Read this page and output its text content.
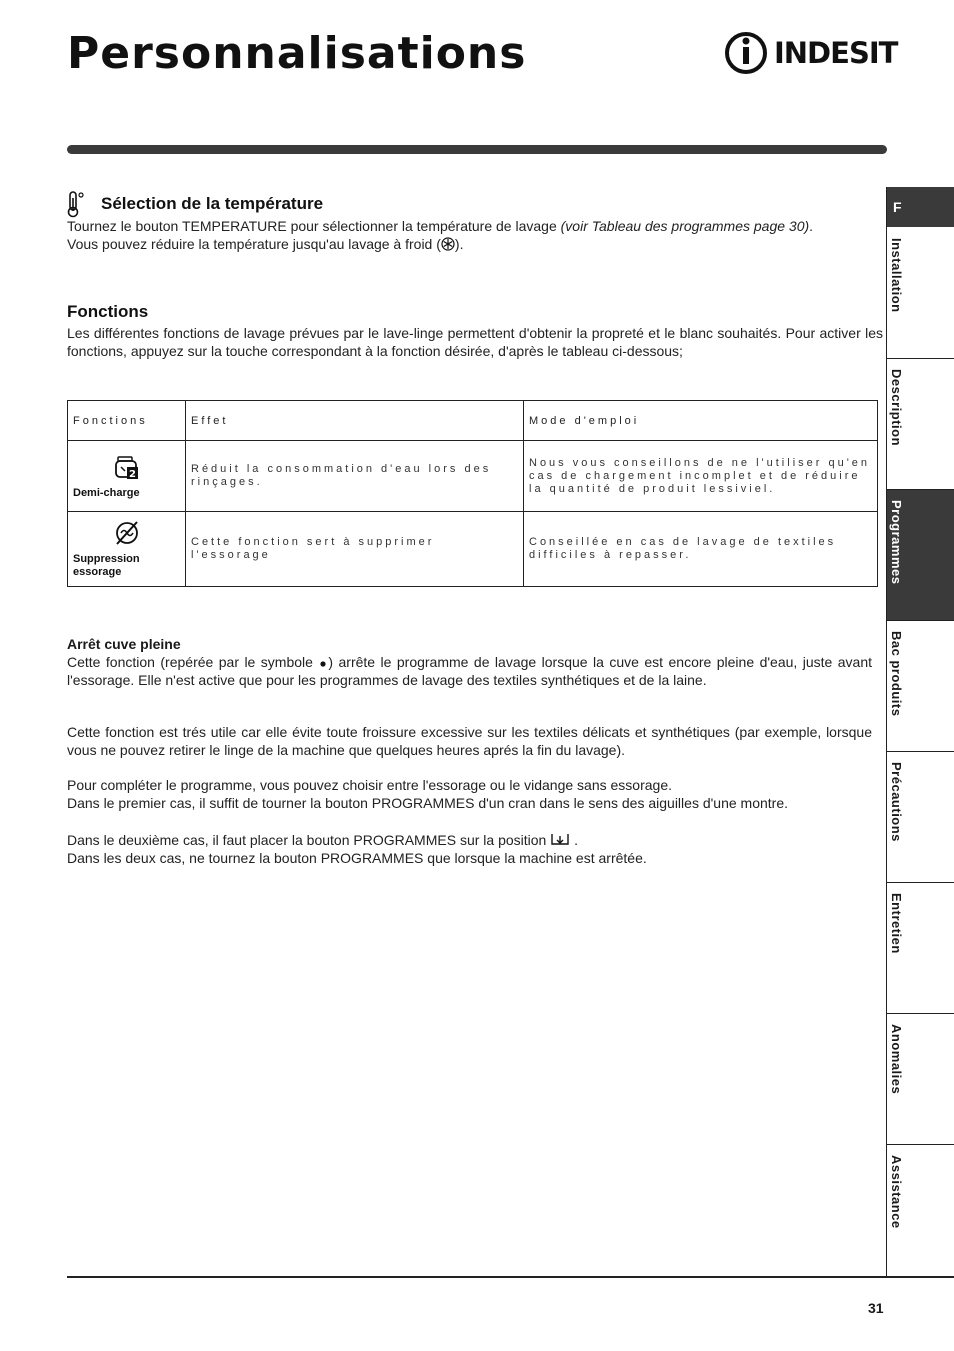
Personnalisations	INDESIT
F
Installation
Description
Programmes
Bac produits
Précautions
Entretien
Anomalies
Assistance
Sélection de la température

Tournez le bouton TEMPERATURE pour sélectionner la température de lavage (voir Tableau des programmes page 30).
Vous pouvez réduire la température jusqu'au lavage à froid ( ).

Fonctions

Les différentes fonctions de lavage prévues par le lave-linge permettent d'obtenir la propreté et le blanc souhaités. Pour activer les fonctions, appuyez sur la touche correspondant à la fonction désirée, d'après le tableau ci-dessous;

Fonctions	Effet	Mode d'emploi

2
Demi-charge	Réduit la consommation d'eau lors des rinçages.	Nous vous conseillons de ne l'utiliser qu'en cas de chargement incomplet et de réduire la quantité de produit lessiviel.

Suppression essorage	Cette fonction sert à supprimer l'essorage	Conseillée en cas de lavage de textiles difficiles à repasser.
Arrêt cuve pleine

Cette fonction (repérée par le symbole ) arrête le programme de lavage lorsque la cuve est encore pleine d'eau, juste avant l'essorage. Elle n'est active que pour les programmes de lavage des textiles synthétiques et de la laine.

Cette fonction est trés utile car elle évite toute froissure excessive sur les textiles délicats et synthétiques (par exemple, lorsque vous ne pouvez retirer le linge de la machine que quelques heures aprés la fin du lavage).

Pour compléter le programme, vous pouvez choisir entre l'essorage ou le vidange sans essorage.

Dans le premier cas, il suffit de tourner la bouton PROGRAMMES d'un cran dans le sens des aiguilles d'une montre.

Dans le deuxième cas, il faut placer la bouton PROGRAMMES sur la position  .

Dans les deux cas, ne tournez la bouton PROGRAMMES que lorsque la machine est arrêtée.

31
